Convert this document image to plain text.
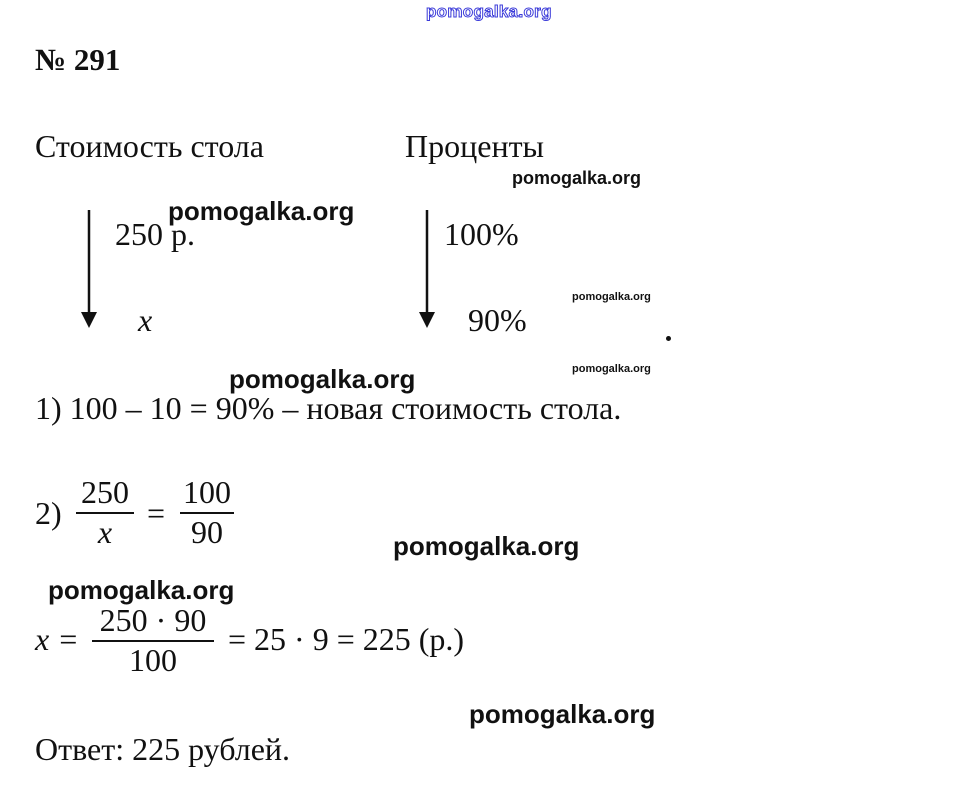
pomogalka.org
№ 291
Стоимость стола	Проценты
250 р.
x
100%
90%
1) 100 – 10 = 90% – новая стоимость стола.
2)
250
x
=
100
90
x =
250 · 90
100
= 25 · 9 = 225 (р.)
Ответ: 225 рублей.
pomogalka.org
pomogalka.org
pomogalka.org
pomogalka.org
pomogalka.org
pomogalka.org
pomogalka.org
pomogalka.org
